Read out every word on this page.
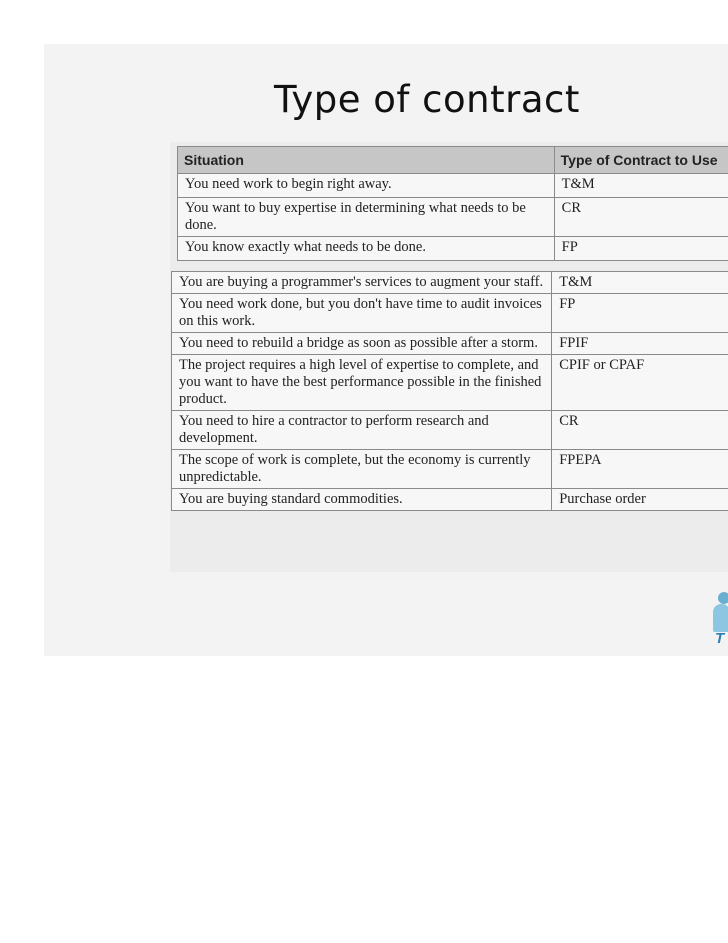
Type of contract
Situation	Type of Contract to Use
You need work to begin right away.	T&M
You want to buy expertise in determining what needs to be done.	CR
You know exactly what needs to be done.	FP
You are buying a programmer's services to augment your staff.	T&M
You need work done, but you don't have time to audit invoices on this work.	FP
You need to rebuild a bridge as soon as possible after a storm.	FPIF
The project requires a high level of expertise to complete, and you want to have the best performance possible in the finished product.	CPIF or CPAF
You need to hire a contractor to perform research and development.	CR
The scope of work is complete, but the economy is currently unpredictable.	FPEPA
You are buying standard commodities.	Purchase order
T
